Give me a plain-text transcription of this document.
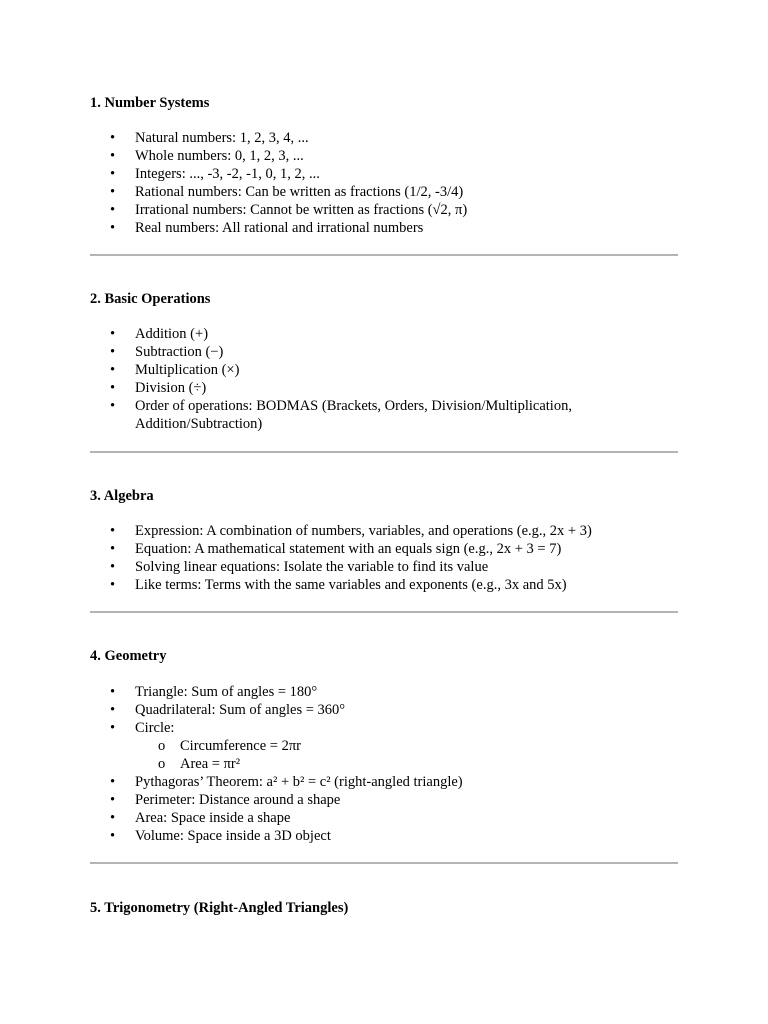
1. Number Systems

• Natural numbers: 1, 2, 3, 4, ...
• Whole numbers: 0, 1, 2, 3, ...
• Integers: ..., -3, -2, -1, 0, 1, 2, ...
• Rational numbers: Can be written as fractions (1/2, -3/4)
• Irrational numbers: Cannot be written as fractions (√2, π)
• Real numbers: All rational and irrational numbers

2. Basic Operations

• Addition (+)
• Subtraction (−)
• Multiplication (×)
• Division (÷)
• Order of operations: BODMAS (Brackets, Orders, Division/Multiplication, Addition/Subtraction)

3. Algebra

• Expression: A combination of numbers, variables, and operations (e.g., 2x + 3)
• Equation: A mathematical statement with an equals sign (e.g., 2x + 3 = 7)
• Solving linear equations: Isolate the variable to find its value
• Like terms: Terms with the same variables and exponents (e.g., 3x and 5x)

4. Geometry

• Triangle: Sum of angles = 180°
• Quadrilateral: Sum of angles = 360°
• Circle:
o Circumference = 2πr
o Area = πr²
• Pythagoras’ Theorem: a² + b² = c² (right-angled triangle)
• Perimeter: Distance around a shape
• Area: Space inside a shape
• Volume: Space inside a 3D object

5. Trigonometry (Right-Angled Triangles)
